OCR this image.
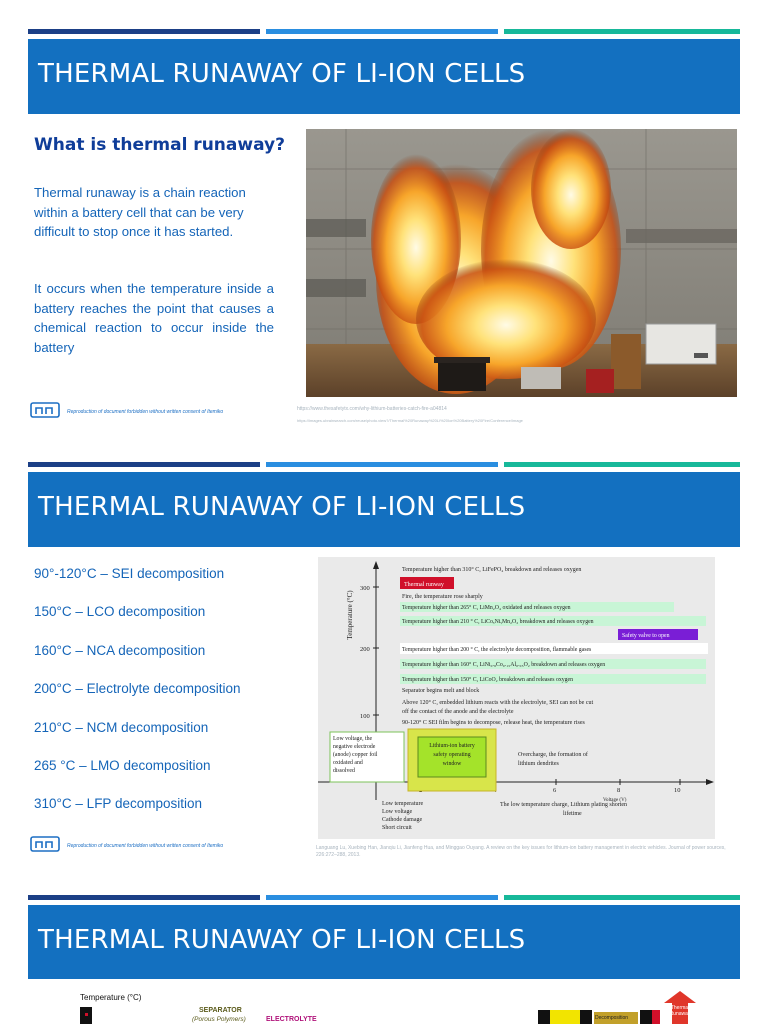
THERMAL RUNAWAY OF LI-ION CELLS
What is thermal runaway?
Thermal runaway is a chain reaction within a battery cell that can be very difficult to stop once it has started.
It occurs when the temperature inside a battery reaches the point that causes a chemical reaction to occur inside the battery
https://www.thesafetytx.com/why-lithium-batteries-catch-fire-a04814
https://images.ubrainsearch.com/reuse/photo.view?/Thermal%20Runaway%20Li%20Ion%20Battery%20Fire/Conference/image
Reproduction of document forbidden without written consent of Itemiko
THERMAL RUNAWAY OF LI-ION CELLS
90°-120°C – SEI decomposition
150°C – LCO decomposition
160°C – NCA decomposition
200°C – Electrolyte decomposition
210°C – NCM decomposition
265 °C – LMO decomposition
310°C – LFP decomposition
Temperature (°C)
300
200
100
6	8	10
Voltage (V)
Temperature higher than 310° C, LiFePO₄ breakdown and releases oxygen
Thermal runway
Fire, the temperature rose sharply
Temperature higher than 265° C, LiMn₂O₄ oxidated and releases oxygen
Temperature higher than 210 ° C, LiCoₓNiᵧMn₂O₂ breakdown and releases oxygen
Safety valve to open
Temperature higher than 200 ° C, the electrolyte decomposition, flammable gases
Temperature higher than 160° C, LiNi₀.₈Co₀.₁₅Al₀.₀₅O₂ breakdown and releases oxygen
Temperature higher than 150° C, LiCoO₂ breakdown and releases oxygen
Separator begins melt and block
Above 120° C, embedded lithium reacts with the electrolyte, SEI can not be cut
off the contact of the anode and the electrolyte
90-120° C SEI film begins to decompose, release heat, the temperature rises
Low voltage, the
negative electrode
(anode) copper foil
oxidated and
dissolved
Lithium-ion battery
safety operating
window
Overcharge, the formation of
lithium dendrites
Low temperature
Low voltage
Cathode damage
Short circuit
The low temperature charge, Lithium plating shorten
lifetime
Languang Lu, Xuebing Han, Jianqiu Li, Jianfeng Hua, and Minggao Ouyang. A review on the key issues for lithium-ion battery management in electric vehicles. Journal of power sources, 226:272–288, 2013.
Reproduction of document forbidden without written consent of Itemiko
THERMAL RUNAWAY OF LI-ION CELLS
Temperature (°C)
SEPARATOR
(Porous Polymers)	ELECTROLYTE	Decomposition
Thermal Runaway
